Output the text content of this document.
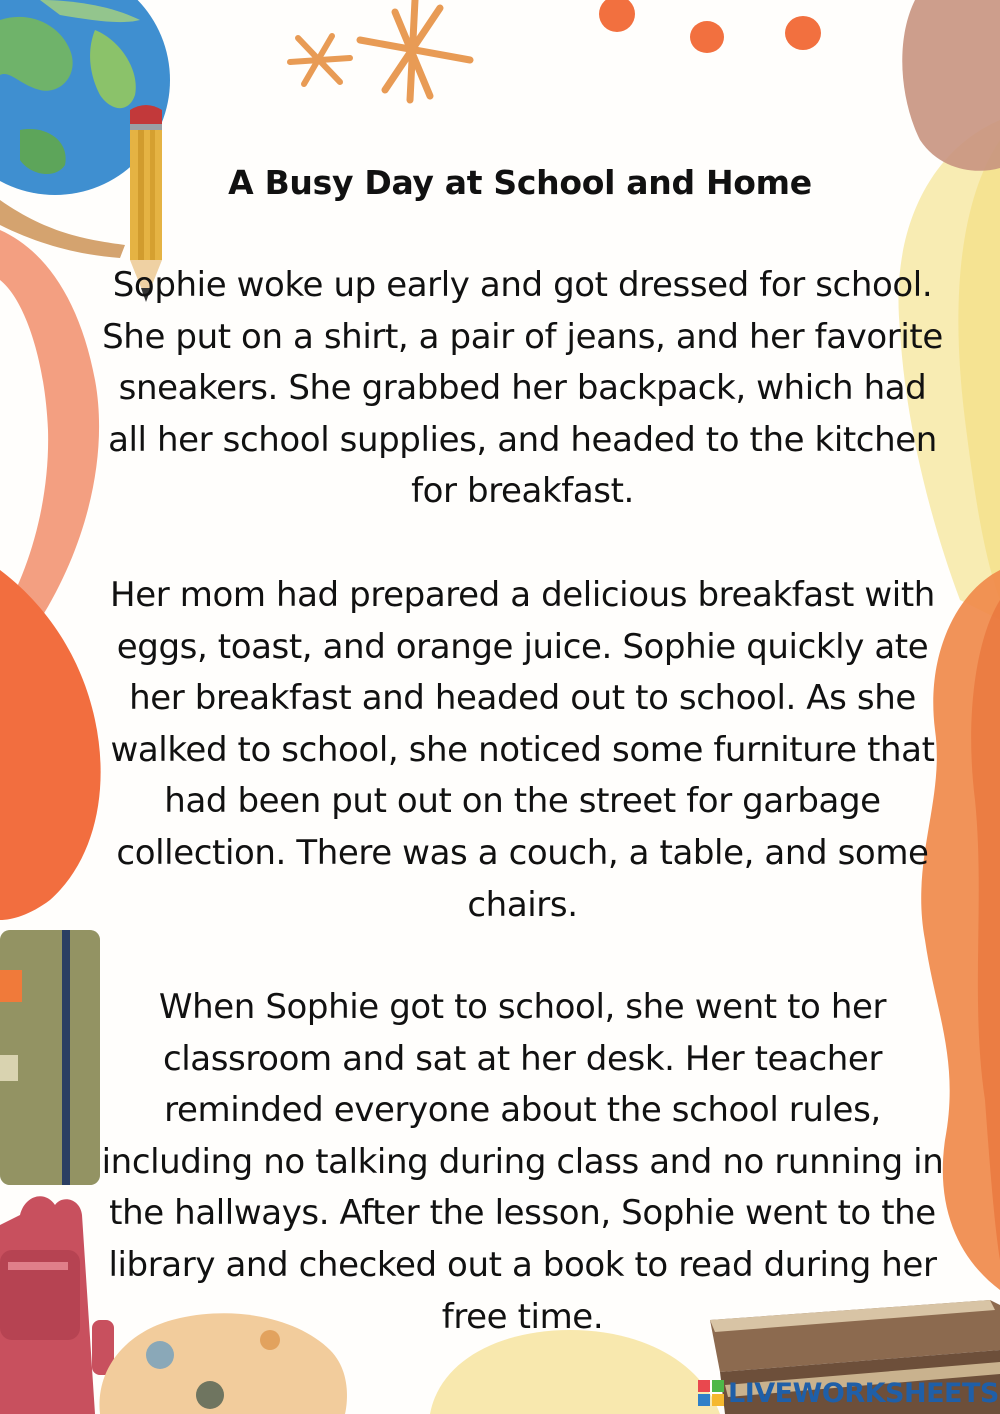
A Busy Day at School and Home

Sophie woke up early and got dressed for school. She put on a shirt, a pair of jeans, and her favorite sneakers. She grabbed her backpack, which had all her school supplies, and headed to the kitchen for breakfast.

Her mom had prepared a delicious breakfast with eggs, toast, and orange juice. Sophie quickly ate her breakfast and headed out to school. As she walked to school, she noticed some furniture that had been put out on the street for garbage collection. There was a couch, a table, and some chairs.

When Sophie got to school, she went to her classroom and sat at her desk. Her teacher reminded everyone about the school rules, including no talking during class and no running in the hallways. After the lesson, Sophie went to the library and checked out a book to read during her free time.

LIVEWORKSHEETS
